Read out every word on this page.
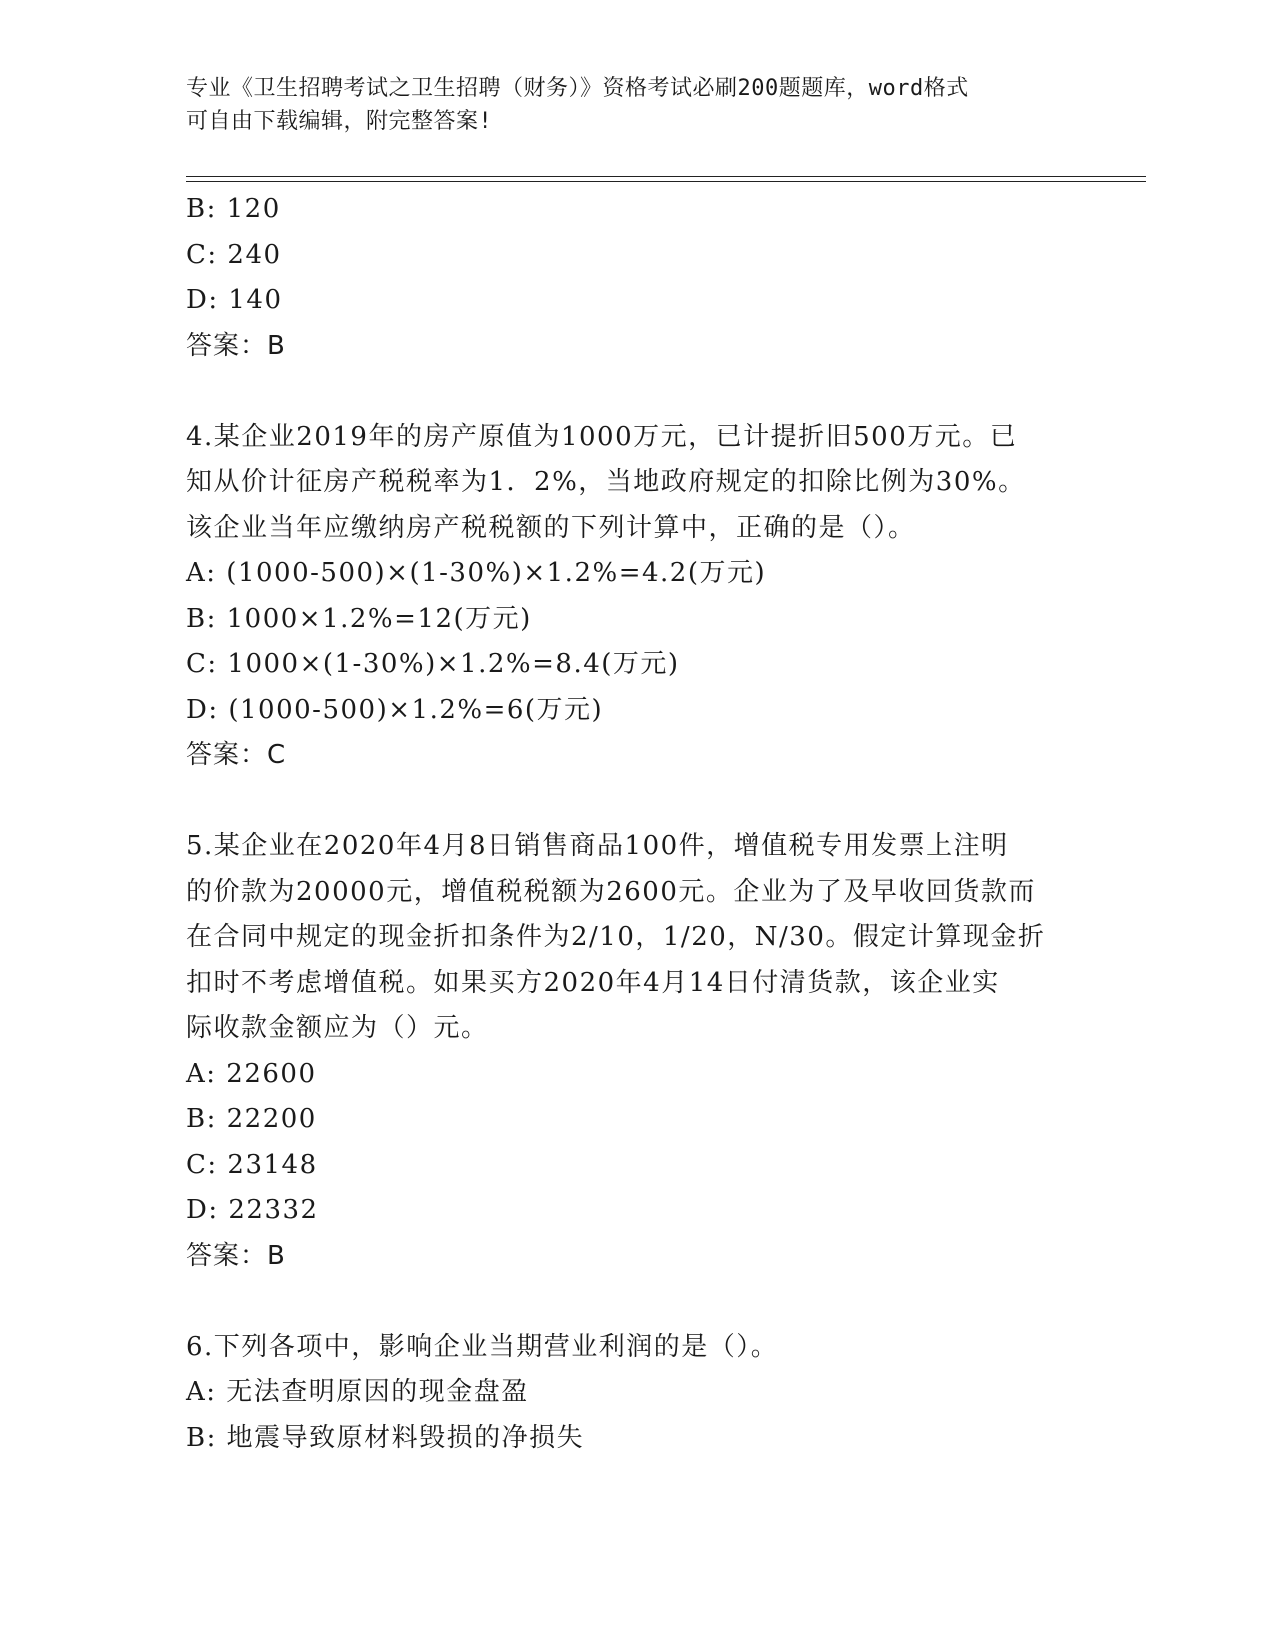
专业《卫生招聘考试之卫生招聘（财务）》资格考试必刷200题题库，word格式
可自由下载编辑，附完整答案!
B: 120
C: 240
D: 140
答案：B
4.某企业2019年的房产原值为1000万元，已计提折旧500万元。已
知从价计征房产税税率为1．2%，当地政府规定的扣除比例为30%。
该企业当年应缴纳房产税税额的下列计算中，正确的是（）。
A: (1000-500)×(1-30%)×1.2%=4.2(万元)
B: 1000×1.2%=12(万元)
C: 1000×(1-30%)×1.2%=8.4(万元)
D: (1000-500)×1.2%=6(万元)
答案：C
5.某企业在2020年4月8日销售商品100件，增值税专用发票上注明
的价款为20000元，增值税税额为2600元。企业为了及早收回货款而
在合同中规定的现金折扣条件为2/10，1/20，N/30。假定计算现金折
扣时不考虑增值税。如果买方2020年4月14日付清货款，该企业实
际收款金额应为（）元。
A: 22600
B: 22200
C: 23148
D: 22332
答案：B
6.下列各项中，影响企业当期营业利润的是（）。
A: 无法查明原因的现金盘盈
B: 地震导致原材料毁损的净损失
